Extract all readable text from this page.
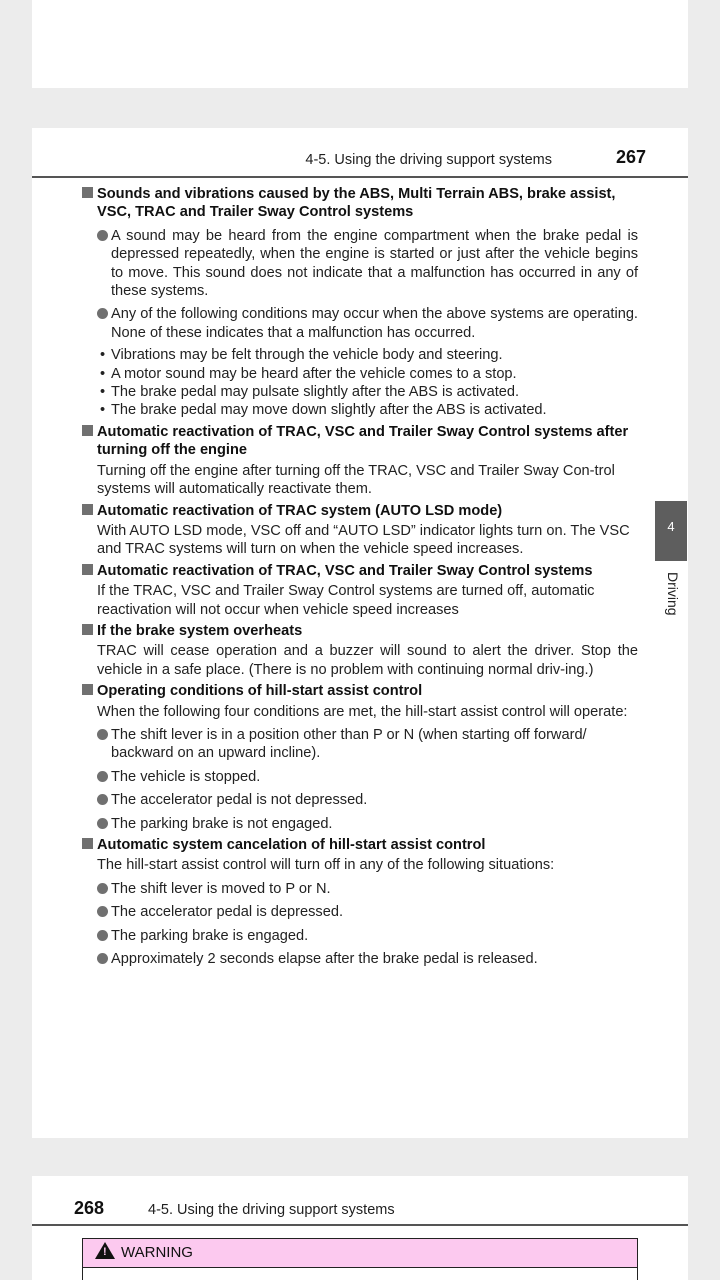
4-5. Using the driving support systems	267
Sounds and vibrations caused by the ABS, Multi Terrain ABS, brake assist, VSC, TRAC and Trailer Sway Control systems
A sound may be heard from the engine compartment when the brake pedal is depressed repeatedly, when the engine is started or just after the vehicle begins to move. This sound does not indicate that a malfunction has occurred in any of these systems.
Any of the following conditions may occur when the above systems are operating. None of these indicates that a malfunction has occurred.
• Vibrations may be felt through the vehicle body and steering.
• A motor sound may be heard after the vehicle comes to a stop.
• The brake pedal may pulsate slightly after the ABS is activated.
• The brake pedal may move down slightly after the ABS is activated.
Automatic reactivation of TRAC, VSC and Trailer Sway Control systems after turning off the engine
Turning off the engine after turning off the TRAC, VSC and Trailer Sway Con-trol systems will automatically reactivate them.
Automatic reactivation of TRAC system (AUTO LSD mode)
With AUTO LSD mode, VSC off and “AUTO LSD” indicator lights turn on. The VSC and TRAC systems will turn on when the vehicle speed increases.
Automatic reactivation of TRAC, VSC and Trailer Sway Control systems
If the TRAC, VSC and Trailer Sway Control systems are turned off, automatic reactivation will not occur when vehicle speed increases
If the brake system overheats
TRAC will cease operation and a buzzer will sound to alert the driver. Stop the vehicle in a safe place. (There is no problem with continuing normal driv-ing.)
Operating conditions of hill-start assist control
When the following four conditions are met, the hill-start assist control will operate:
The shift lever is in a position other than P or N (when starting off forward/ backward on an upward incline).
The vehicle is stopped.
The accelerator pedal is not depressed.
The parking brake is not engaged.
Automatic system cancelation of hill-start assist control
The hill-start assist control will turn off in any of the following situations:
The shift lever is moved to P or N.
The accelerator pedal is depressed.
The parking brake is engaged.
Approximately 2 seconds elapse after the brake pedal is released.
4
Driving
268	4-5. Using the driving support systems
! WARNING
